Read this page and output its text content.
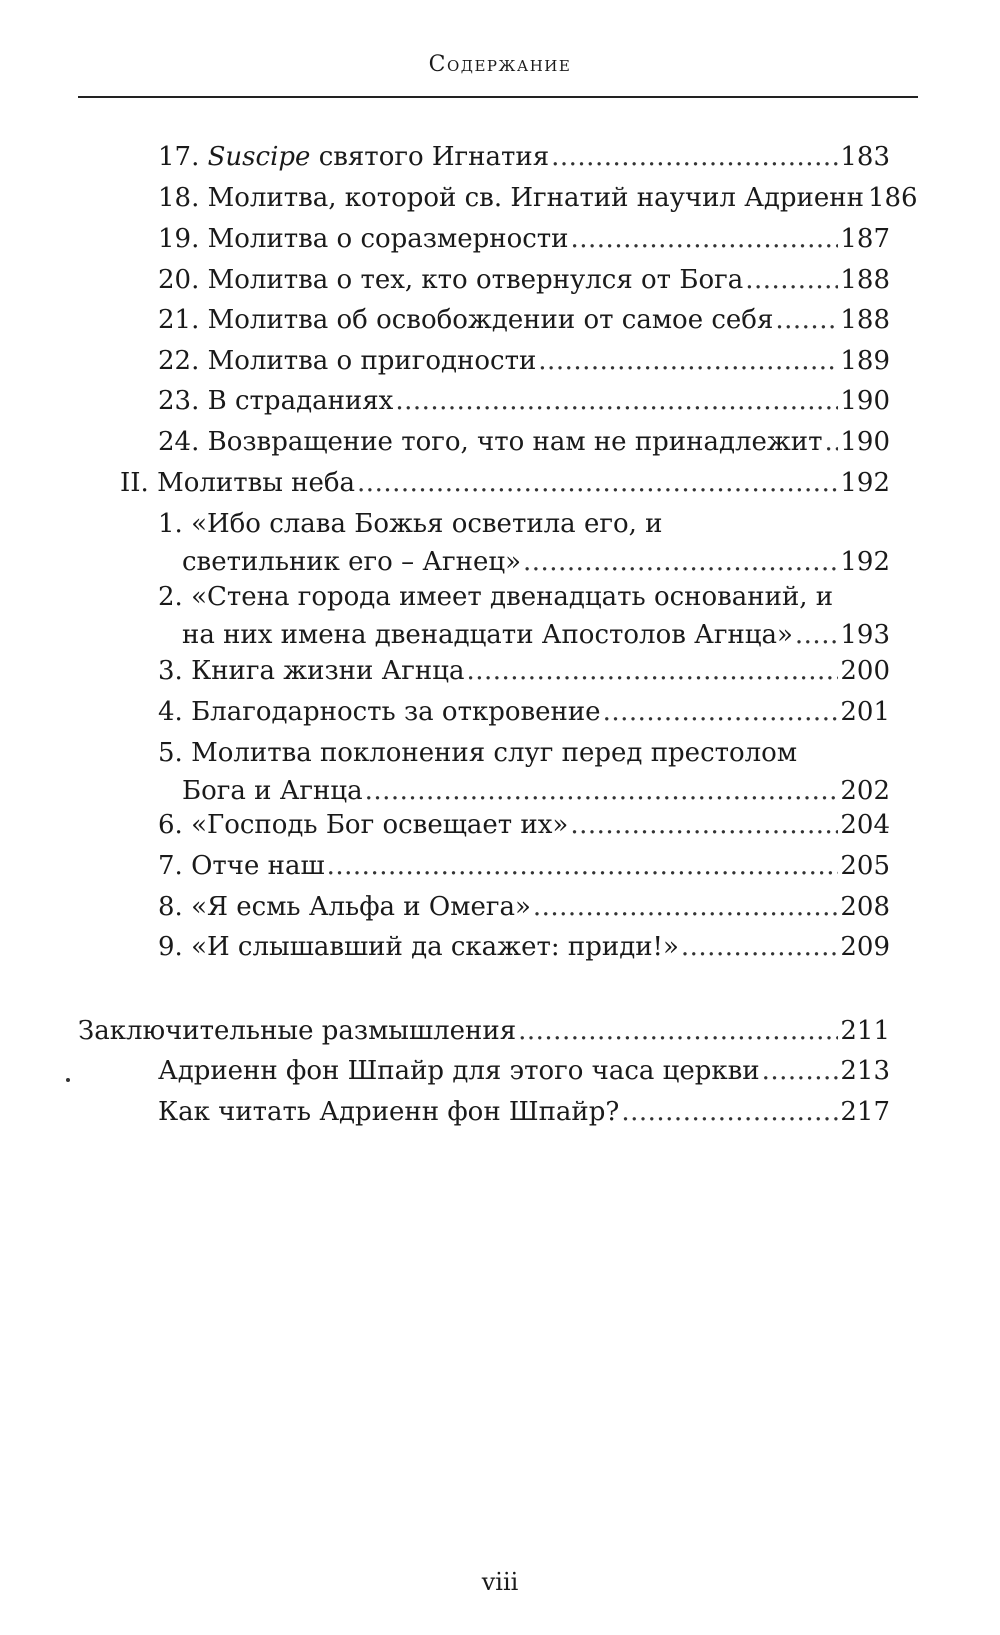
Содержание
17. Suscipe святого Игнатия .....	183
18. Молитва, которой св. Игнатий научил Адриенн 186
19. Молитва о соразмерности .....	187
20. Молитва о тех, кто отвернулся от Бога .....	188
21. Молитва об освобождении от самое себя .....	188
22. Молитва о пригодности .....	189
23. В страданиях .....	190
24. Возвращение того, что нам не принадлежит ..... 190
II. Молитвы неба .....	192
1. «Ибо слава Божья осветила его, и
светильник его – Агнец» .....	192
2. «Стена города имеет двенадцать оснований, и
на них имена двенадцати Апостолов Агнца» ..... 193
3. Книга жизни Агнца .....	200
4. Благодарность за откровение .....	201
5. Молитва поклонения слуг перед престолом
Бога и Агнца .....	202
6. «Господь Бог освещает их» .....	204
7. Отче наш .....	205
8. «Я есмь Альфа и Омега» .....	208
9. «И слышавший да скажет: приди!» .....	209
Заключительные размышления .....	211
Адриенн фон Шпайр для этого часа церкви .....	213
Как читать Адриенн фон Шпайр? .....	217
viii
